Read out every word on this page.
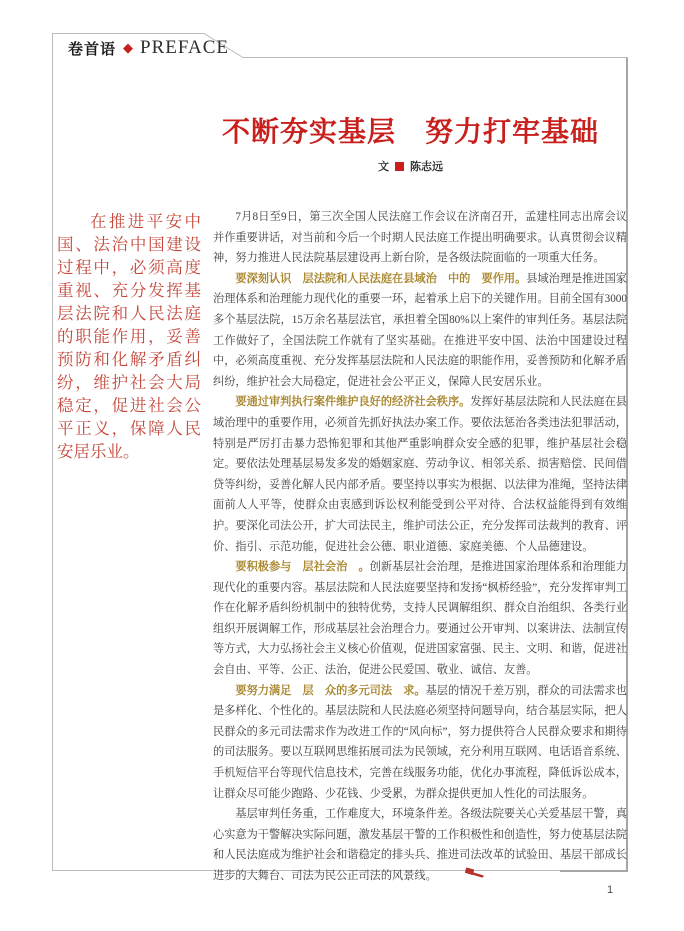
卷首语 ◆ PREFACE
不断夯实基层　努力打牢基础
文 陈志远
在推进平安中国、法治中国建设过程中，必须高度重视、充分发挥基层法院和人民法庭的职能作用，妥善预防和化解矛盾纠纷，维护社会大局稳定，促进社会公平正义，保障人民安居乐业。

7月8日至9日，第三次全国人民法庭工作会议在济南召开，孟建柱同志出席会议并作重要讲话，对当前和今后一个时期人民法庭工作提出明确要求。认真贯彻会议精神，努力推进人民法院基层建设再上新台阶，是各级法院面临的一项重大任务。

要深刻认识　层法院和人民法庭在县域治　中的　要作用。县域治理是推进国家治理体系和治理能力现代化的重要一环，起着承上启下的关键作用。目前全国有3000多个基层法院，15万余名基层法官，承担着全国80%以上案件的审判任务。基层法院工作做好了，全国法院工作就有了坚实基础。在推进平安中国、法治中国建设过程中，必须高度重视、充分发挥基层法院和人民法庭的职能作用，妥善预防和化解矛盾纠纷，维护社会大局稳定，促进社会公平正义，保障人民安居乐业。

要通过审判执行案件维护良好的经济社会秩序。发挥好基层法院和人民法庭在县域治理中的重要作用，必须首先抓好执法办案工作。要依法惩治各类违法犯罪活动，特别是严厉打击暴力恐怖犯罪和其他严重影响群众安全感的犯罪，维护基层社会稳定。要依法处理基层易发多发的婚姻家庭、劳动争议、相邻关系、损害赔偿、民间借贷等纠纷，妥善化解人民内部矛盾。要坚持以事实为根据、以法律为准绳，坚持法律面前人人平等，使群众由衷感到诉讼权利能受到公平对待、合法权益能得到有效维护。要深化司法公开，扩大司法民主，维护司法公正，充分发挥司法裁判的教育、评价、指引、示范功能，促进社会公德、职业道德、家庭美德、个人品德建设。

要积极参与　层社会治　。创新基层社会治理，是推进国家治理体系和治理能力现代化的重要内容。基层法院和人民法庭要坚持和发扬“枫桥经验”，充分发挥审判工作在化解矛盾纠纷机制中的独特优势，支持人民调解组织、群众自治组织、各类行业组织开展调解工作，形成基层社会治理合力。要通过公开审判、以案讲法、法制宣传等方式，大力弘扬社会主义核心价值观，促进国家富强、民主、文明、和谐，促进社会自由、平等、公正、法治，促进公民爱国、敬业、诚信、友善。

要努力满足　层　众的多元司法　求。基层的情况千差万别，群众的司法需求也是多样化、个性化的。基层法院和人民法庭必须坚持问题导向，结合基层实际，把人民群众的多元司法需求作为改进工作的“风向标”，努力提供符合人民群众要求和期待的司法服务。要以互联网思维拓展司法为民领域，充分利用互联网、电话语音系统、手机短信平台等现代信息技术，完善在线服务功能，优化办事流程，降低诉讼成本，让群众尽可能少跑路、少花钱、少受累，为群众提供更加人性化的司法服务。

基层审判任务重，工作难度大，环境条件差。各级法院要关心关爱基层干警，真心实意为干警解决实际问题，激发基层干警的工作积极性和创造性，努力使基层法院和人民法庭成为维护社会和谐稳定的排头兵、推进司法改革的试验田、基层干部成长进步的大舞台、司法为民公正司法的风景线。

1
